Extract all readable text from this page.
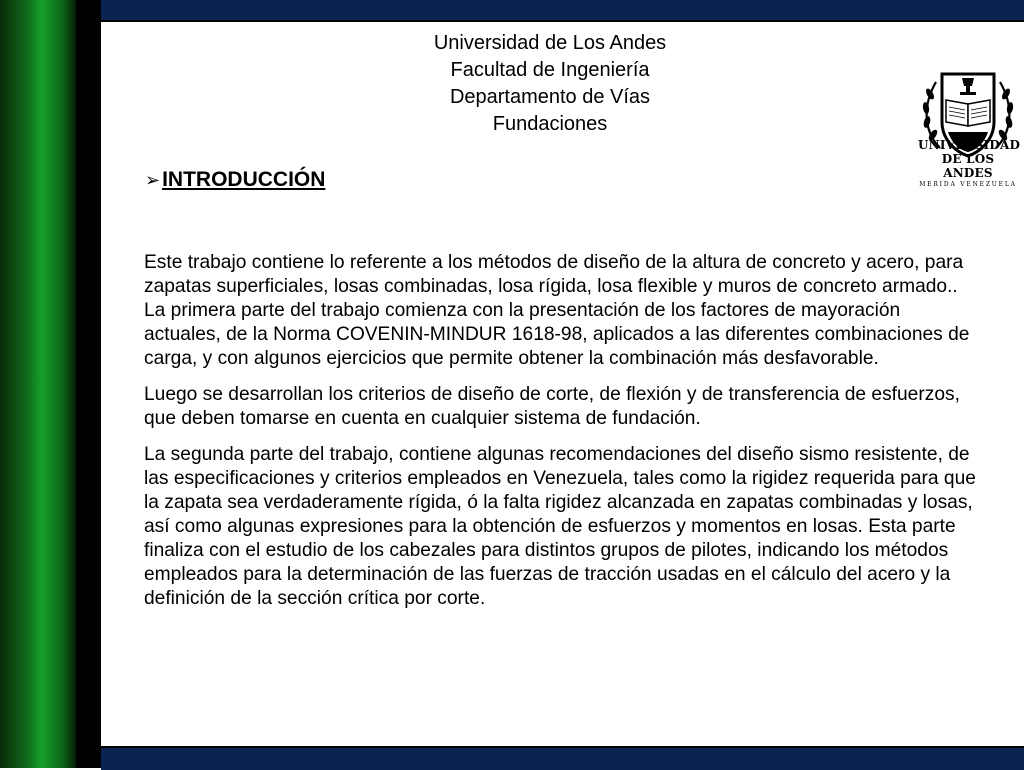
Universidad de Los Andes
Facultad de Ingeniería
Departamento de Vías
Fundaciones
UNIVERSIDAD
DE LOS ANDES
MERIDA VENEZUELA
➢ INTRODUCCIÓN

Este trabajo contiene lo referente a los métodos de diseño de la altura de concreto y acero, para zapatas superficiales, losas combinadas, losa rígida, losa flexible y muros de concreto armado.. La primera parte del trabajo comienza con la presentación de los factores de mayoración actuales, de la Norma COVENIN-MINDUR 1618-98, aplicados a las diferentes combinaciones de carga, y con algunos ejercicios que permite obtener la combinación más desfavorable.

Luego se desarrollan los criterios de diseño de corte, de flexión y de transferencia de esfuerzos, que deben tomarse en cuenta en cualquier sistema de fundación.

La segunda parte del trabajo, contiene algunas recomendaciones del diseño sismo resistente, de las especificaciones y criterios empleados en Venezuela, tales como la rigidez requerida para que la zapata sea verdaderamente rígida, ó la falta rigidez alcanzada en zapatas combinadas y losas, así como algunas expresiones para la obtención de esfuerzos y momentos en losas. Esta parte finaliza con el estudio de los cabezales para distintos grupos de pilotes, indicando los métodos empleados para la determinación de las fuerzas de tracción usadas en el cálculo del acero y la definición de la sección crítica por corte.
